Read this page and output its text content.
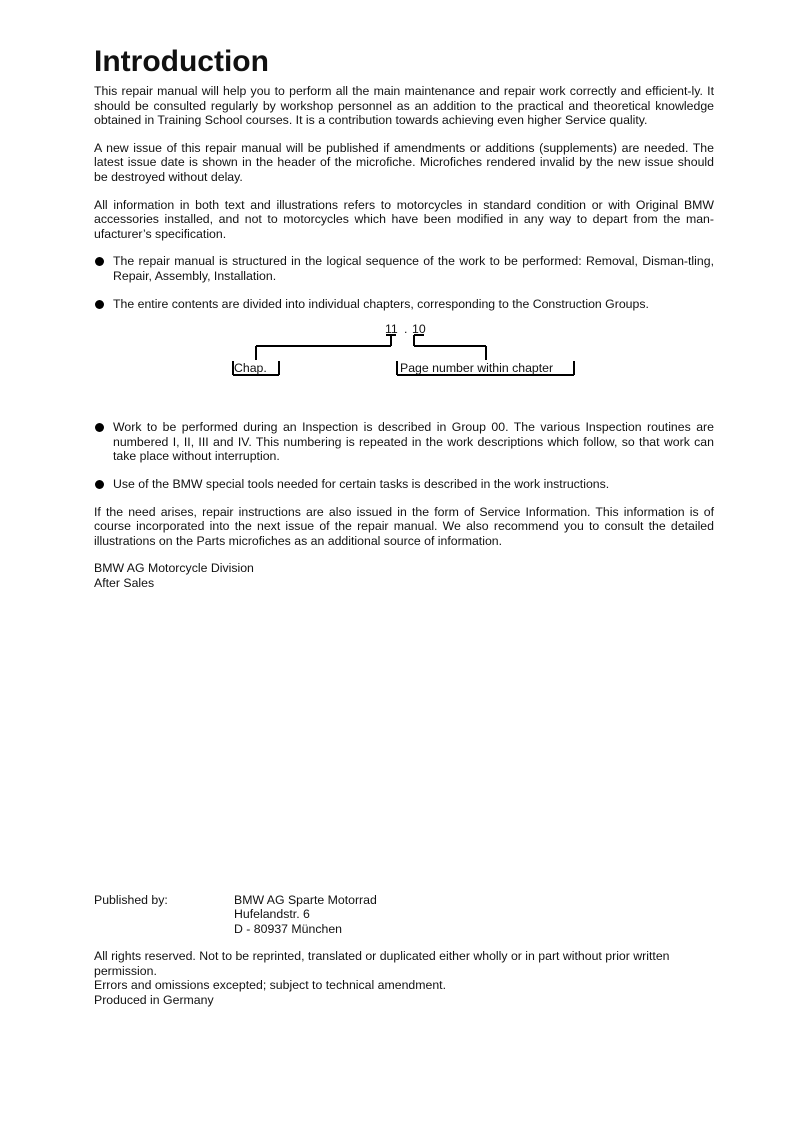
Introduction

This repair manual will help you to perform all the main maintenance and repair work correctly and efficient-ly. It should be consulted regularly by workshop personnel as an addition to the practical and theoretical knowledge obtained in Training School courses. It is a contribution towards achieving even higher Service quality.

A new issue of this repair manual will be published if amendments or additions (supplements) are needed. The latest issue date is shown in the header of the microfiche. Microfiches rendered invalid by the new issue should be destroyed without delay.

All information in both text and illustrations refers to motorcycles in standard condition or with Original BMW accessories installed, and not to motorcycles which have been modified in any way to depart from the man-ufacturer’s specification.

The repair manual is structured in the logical sequence of the work to be performed: Removal, Disman-tling, Repair, Assembly, Installation.

The entire contents are divided into individual chapters, corresponding to the Construction Groups.

11 . 10
Chap.	Page number within chapter

Work to be performed during an Inspection is described in Group 00. The various Inspection routines are numbered I, II, III and IV. This numbering is repeated in the work descriptions which follow, so that work can take place without interruption.

Use of the BMW special tools needed for certain tasks is described in the work instructions.

If the need arises, repair instructions are also issued in the form of Service Information. This information is of course incorporated into the next issue of the repair manual. We also recommend you to consult the detailed illustrations on the Parts microfiches as an additional source of information.

BMW AG Motorcycle Division

After Sales

Published by:	BMW AG Sparte Motorrad
Hufelandstr. 6
D - 80937 München
All rights reserved. Not to be reprinted, translated or duplicated either wholly or in part without prior written permission.
Errors and omissions excepted; subject to technical amendment.
Produced in Germany
